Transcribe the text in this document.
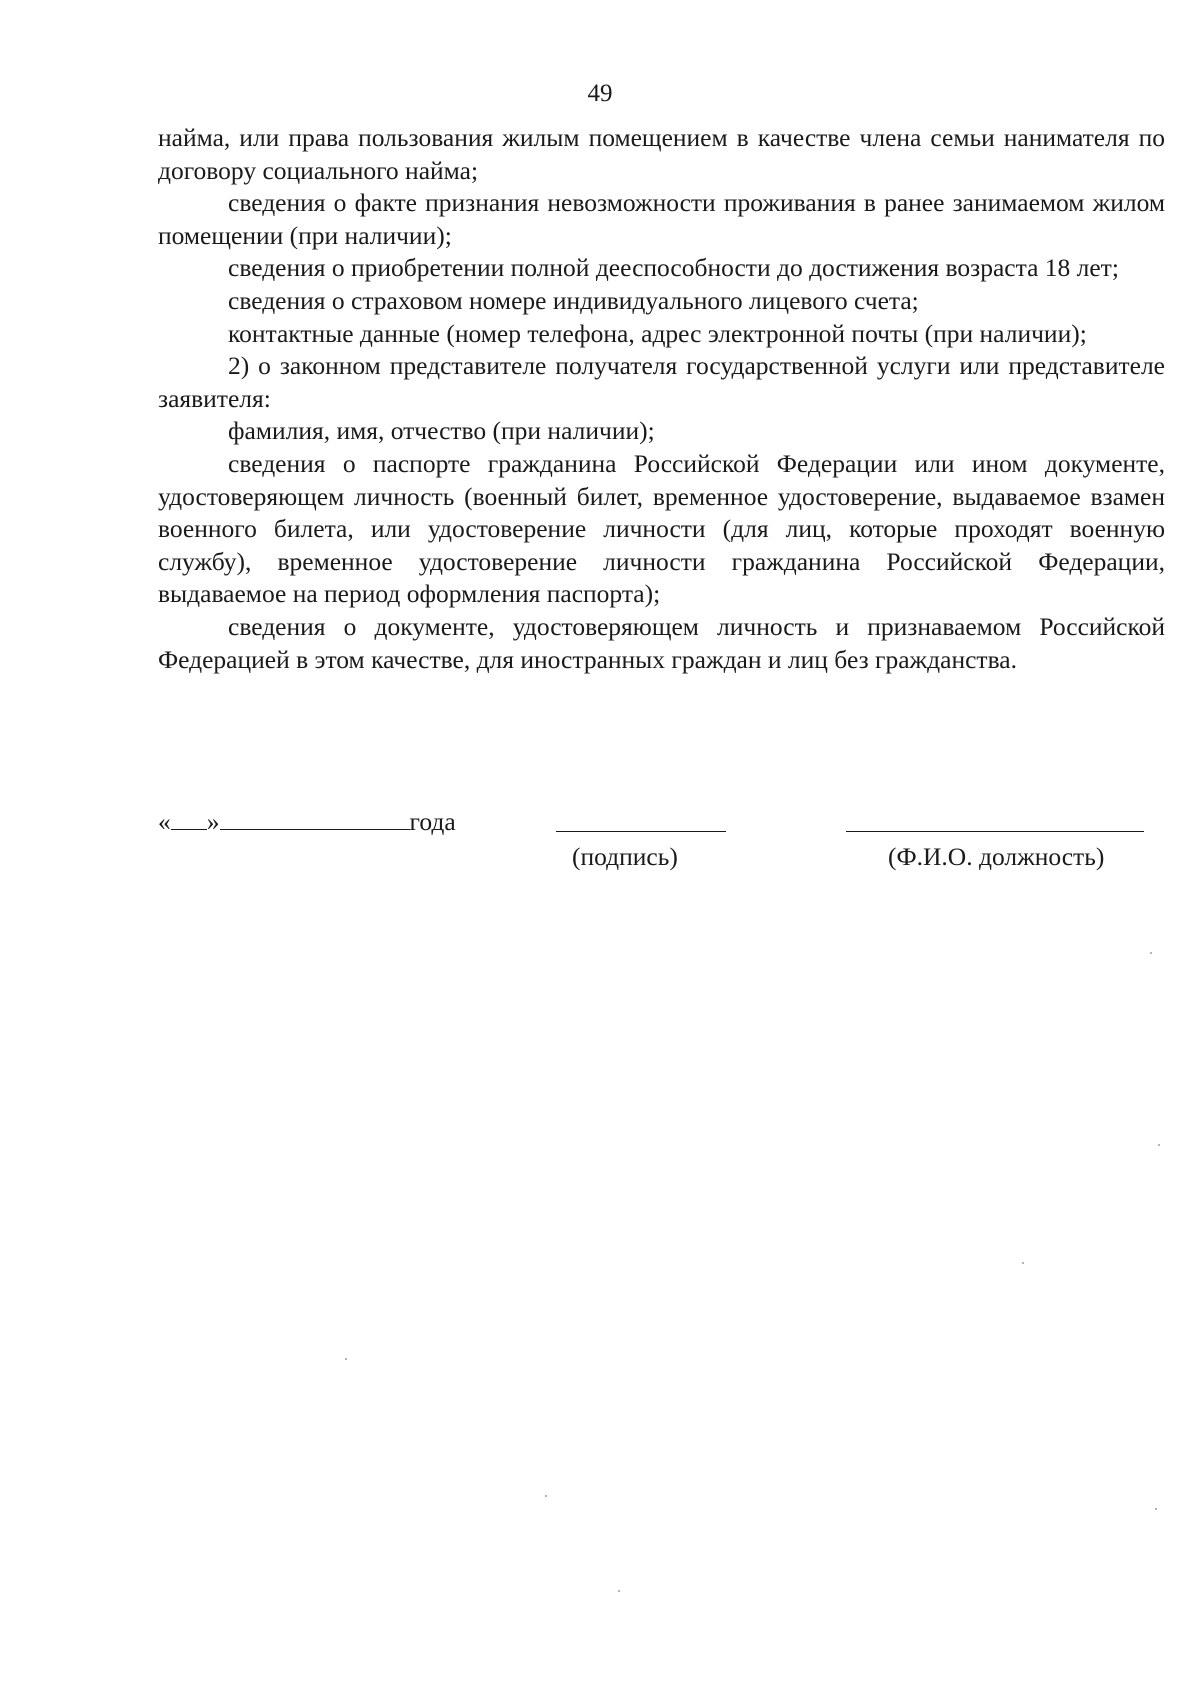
49

найма, или права пользования жилым помещением в качестве члена семьи нанимателя по договору социального найма;

сведения о факте признания невозможности проживания в ранее занимаемом жилом помещении (при наличии);

сведения о приобретении полной дееспособности до достижения возраста 18 лет;

сведения о страховом номере индивидуального лицевого счета;

контактные данные (номер телефона, адрес электронной почты (при наличии);

2) о законном представителе получателя государственной услуги или представителе заявителя:

фамилия, имя, отчество (при наличии);

сведения о паспорте гражданина Российской Федерации или ином документе, удостоверяющем личность (военный билет, временное удостоверение, выдаваемое взамен военного билета, или удостоверение личности (для лиц, которые проходят военную службу), временное удостоверение личности гражданина Российской Федерации, выдаваемое на период оформления паспорта);

сведения о документе, удостоверяющем личность и признаваемом Российской Федерацией в этом качестве, для иностранных граждан и лиц без гражданства.

« »	года
(подпись)	(Ф.И.О. должность)
